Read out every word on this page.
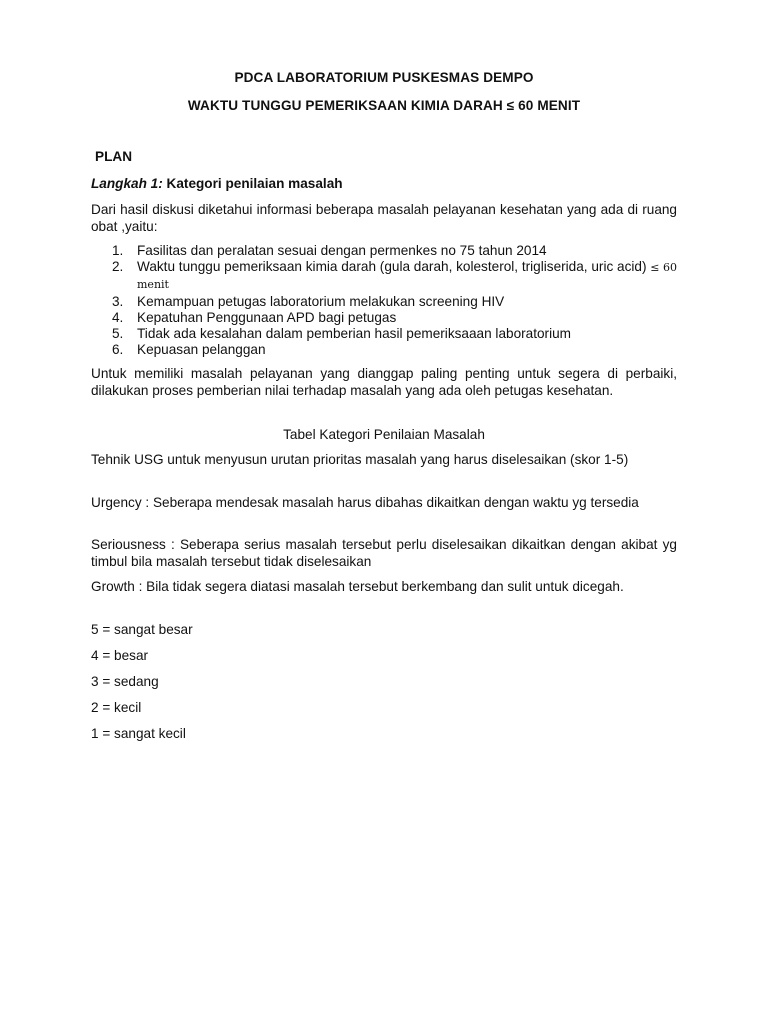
PDCA LABORATORIUM PUSKESMAS DEMPO
WAKTU TUNGGU PEMERIKSAAN KIMIA DARAH ≤ 60 MENIT
PLAN
Langkah 1: Kategori penilaian masalah
Dari hasil diskusi diketahui informasi beberapa masalah pelayanan kesehatan yang ada di ruang obat ,yaitu:
1. Fasilitas dan peralatan sesuai dengan permenkes no 75 tahun 2014
2. Waktu tunggu pemeriksaan kimia darah (gula darah, kolesterol, trigliserida, uric acid) ≤ 60 menit
3. Kemampuan petugas laboratorium melakukan screening HIV
4. Kepatuhan Penggunaan APD bagi petugas
5. Tidak ada kesalahan dalam pemberian hasil pemeriksaaan laboratorium
6. Kepuasan pelanggan
Untuk memiliki masalah pelayanan yang dianggap paling penting untuk segera di perbaiki, dilakukan proses pemberian nilai terhadap masalah yang ada oleh petugas kesehatan.
Tabel Kategori Penilaian Masalah
Tehnik USG untuk menyusun urutan prioritas masalah yang harus diselesaikan (skor 1-5)
Urgency : Seberapa mendesak masalah harus dibahas dikaitkan dengan waktu yg tersedia
Seriousness : Seberapa serius masalah tersebut perlu diselesaikan dikaitkan dengan akibat yg timbul bila masalah tersebut tidak diselesaikan
Growth : Bila tidak segera diatasi masalah tersebut berkembang dan sulit untuk dicegah.
5 = sangat besar
4 = besar
3 = sedang
2 = kecil
1 = sangat kecil
